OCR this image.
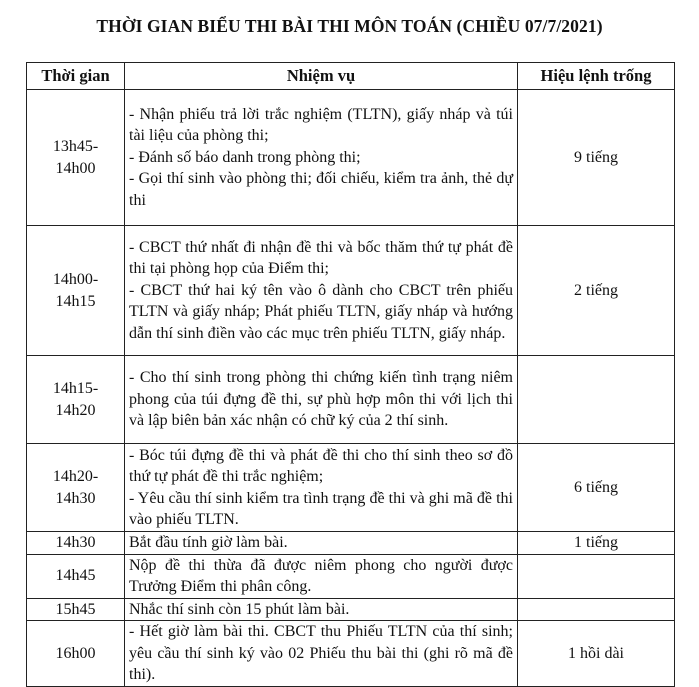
THỜI GIAN BIỂU THI BÀI THI MÔN TOÁN (CHIỀU 07/7/2021)
Thời gian	Nhiệm vụ	Hiệu lệnh trống

13h45-
14h00	- Nhận phiếu trả lời trắc nghiệm (TLTN), giấy nháp và túi tài liệu của phòng thi;
- Đánh số báo danh trong phòng thi;
- Gọi thí sinh vào phòng thi; đối chiếu, kiểm tra ảnh, thẻ dự thi	9 tiếng

14h00-
14h15	- CBCT thứ nhất đi nhận đề thi và bốc thăm thứ tự phát đề thi tại phòng họp của Điểm thi;
- CBCT thứ hai ký tên vào ô dành cho CBCT trên phiếu TLTN và giấy nháp; Phát phiếu TLTN, giấy nháp và hướng dẫn thí sinh điền vào các mục trên phiếu TLTN, giấy nháp.	2 tiếng

14h15-
14h20	- Cho thí sinh trong phòng thi chứng kiến tình trạng niêm phong của túi đựng đề thi, sự phù hợp môn thi với lịch thi và lập biên bản xác nhận có chữ ký của 2 thí sinh.	

14h20-
14h30	- Bóc túi đựng đề thi và phát đề thi cho thí sinh theo sơ đồ thứ tự phát đề thi trắc nghiệm;
- Yêu cầu thí sinh kiểm tra tình trạng đề thi và ghi mã đề thi vào phiếu TLTN.	6 tiếng

14h30	Bắt đầu tính giờ làm bài.	1 tiếng

14h45	Nộp đề thi thừa đã được niêm phong cho người được Trưởng Điểm thi phân công.	

15h45	Nhắc thí sinh còn 15 phút làm bài.	

16h00	- Hết giờ làm bài thi. CBCT thu Phiếu TLTN của thí sinh; yêu cầu thí sinh ký vào 02 Phiếu thu bài thi (ghi rõ mã đề thi).	1 hồi dài
